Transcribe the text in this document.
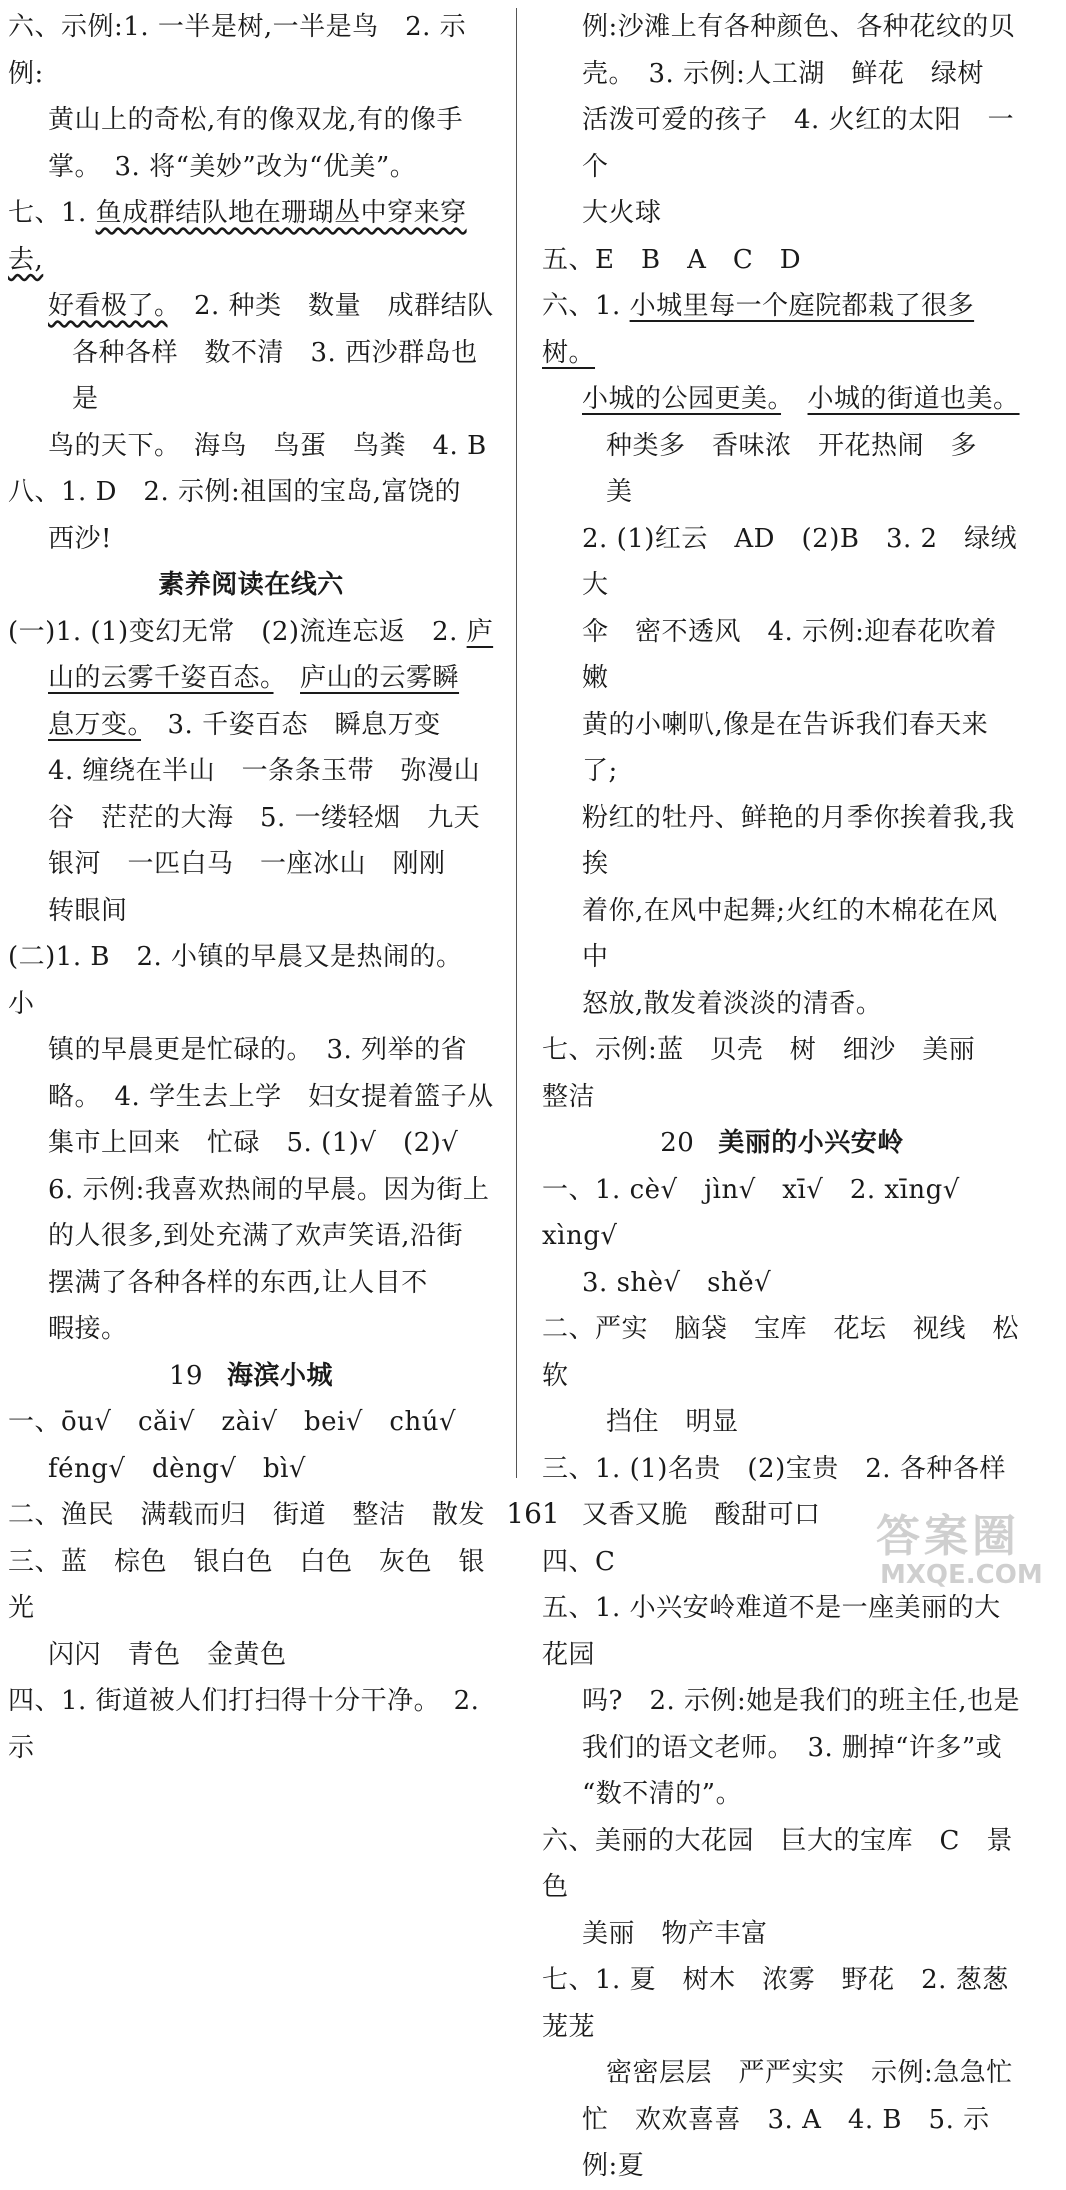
六、示例:1. 一半是树,一半是鸟　2. 示例:

黄山上的奇松,有的像双龙,有的像手

掌。　3. 将“美妙”改为“优美”。

七、1. 鱼成群结队地在珊瑚丛中穿来穿去,

好看极了。　2. 种类　数量　成群结队

各种各样　数不清　3. 西沙群岛也是

鸟的天下。　海鸟　鸟蛋　鸟粪　4. B

八、1. D　2. 示例:祖国的宝岛,富饶的

西沙!

素养阅读在线六

(一)1. (1)变幻无常　(2)流连忘返　2. 庐

山的云雾千姿百态。　 庐山的云雾瞬

息万变。　3. 千姿百态　瞬息万变

4. 缠绕在半山　一条条玉带　弥漫山

谷　茫茫的大海　5. 一缕轻烟　九天

银河　一匹白马　一座冰山　刚刚

转眼间

(二)1. B　2. 小镇的早晨又是热闹的。　小

镇的早晨更是忙碌的。　3. 列举的省

略。　4. 学生去上学　妇女提着篮子从

集市上回来　忙碌　5. (1)√　(2)√

6. 示例:我喜欢热闹的早晨。因为街上

的人很多,到处充满了欢声笑语,沿街

摆满了各种各样的东西,让人目不

暇接。

19 海滨小城

一、ōu√　cǎi√　zài√　bei√　chú√

féng√　dèng√　bì√

二、渔民　满载而归　街道　整洁　散发

三、蓝　棕色　银白色　白色　灰色　银光

闪闪　青色　金黄色

四、1. 街道被人们打扫得十分干净。　2. 示

例:沙滩上有各种颜色、各种花纹的贝

壳。　3. 示例:人工湖　鲜花　绿树

活泼可爱的孩子　4. 火红的太阳　一个

大火球

五、E　B　A　C　D

六、1. 小城里每一个庭院都栽了很多树。

小城的公园更美。　 小城的街道也美。

种类多　香味浓　开花热闹　多　美

2. (1)红云　AD　(2)B　3. 2　绿绒大

伞　密不透风　4. 示例:迎春花吹着嫩

黄的小喇叭,像是在告诉我们春天来了;

粉红的牡丹、鲜艳的月季你挨着我,我挨

着你,在风中起舞;火红的木棉花在风中

怒放,散发着淡淡的清香。

七、示例:蓝　贝壳　树　细沙　美丽　整洁

20 美丽的小兴安岭

一、1. cè√　jìn√　xī√　2. xīng√　xìng√

3. shè√　shě√

二、严实　脑袋　宝库　花坛　视线　松软

挡住　明显

三、1. (1)名贵　(2)宝贵　2. 各种各样

又香又脆　酸甜可口

四、C

五、1. 小兴安岭难道不是一座美丽的大花园

吗?　2. 示例:她是我们的班主任,也是

我们的语文老师。　3. 删掉“许多”或

“数不清的”。

六、美丽的大花园　巨大的宝库　C　景色

美丽　物产丰富

七、1. 夏　树木　浓雾　野花　2. 葱葱茏茏

密密层层　严严实实　示例:急急忙

忙　欢欢喜喜　3. A　4. B　5. 示例:夏

161	答案圈
MXQE.COM
